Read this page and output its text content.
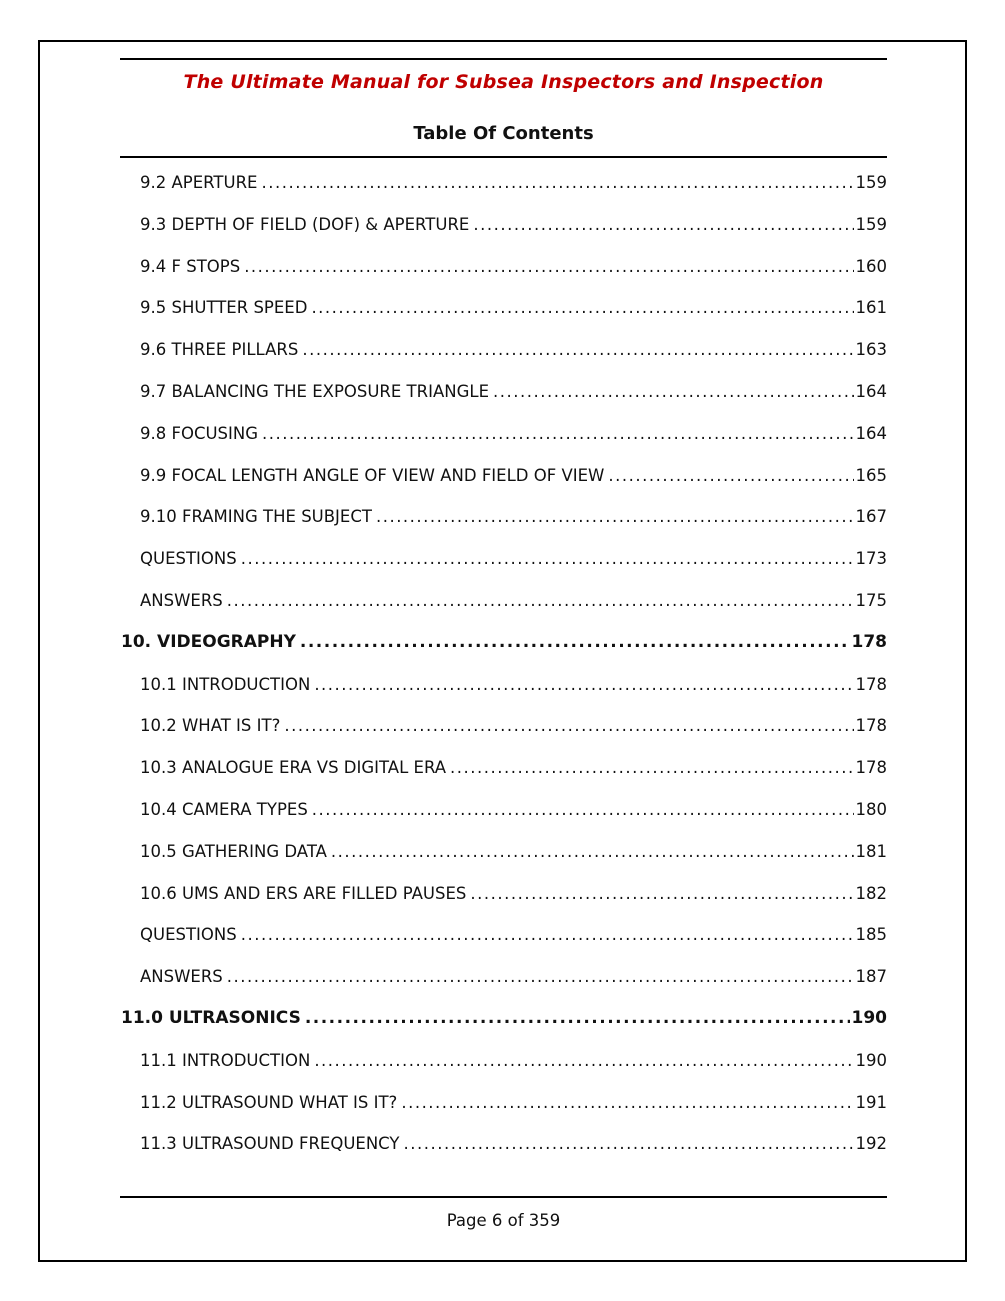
The Ultimate Manual for Subsea Inspectors and Inspection
Table Of Contents
9.2 APERTURE .....	159
9.3 DEPTH OF FIELD (DOF) & APERTURE .....	159
9.4 F STOPS .....	160
9.5 SHUTTER SPEED .....	161
9.6 THREE PILLARS .....	163
9.7 BALANCING THE EXPOSURE TRIANGLE .....	164
9.8 FOCUSING .....	164
9.9 FOCAL LENGTH ANGLE OF VIEW AND FIELD OF VIEW .....	165
9.10 FRAMING THE SUBJECT .....	167
QUESTIONS .....	173
ANSWERS .....	175
10. VIDEOGRAPHY .....	178
10.1 INTRODUCTION .....	178
10.2 WHAT IS IT? .....	178
10.3 ANALOGUE ERA VS DIGITAL ERA .....	178
10.4 CAMERA TYPES .....	180
10.5 GATHERING DATA .....	181
10.6 UMS AND ERS ARE FILLED PAUSES .....	182
QUESTIONS .....	185
ANSWERS .....	187
11.0 ULTRASONICS .....	190
11.1 INTRODUCTION .....	190
11.2 ULTRASOUND WHAT IS IT? .....	191
11.3 ULTRASOUND FREQUENCY .....	192
Page 6 of 359
